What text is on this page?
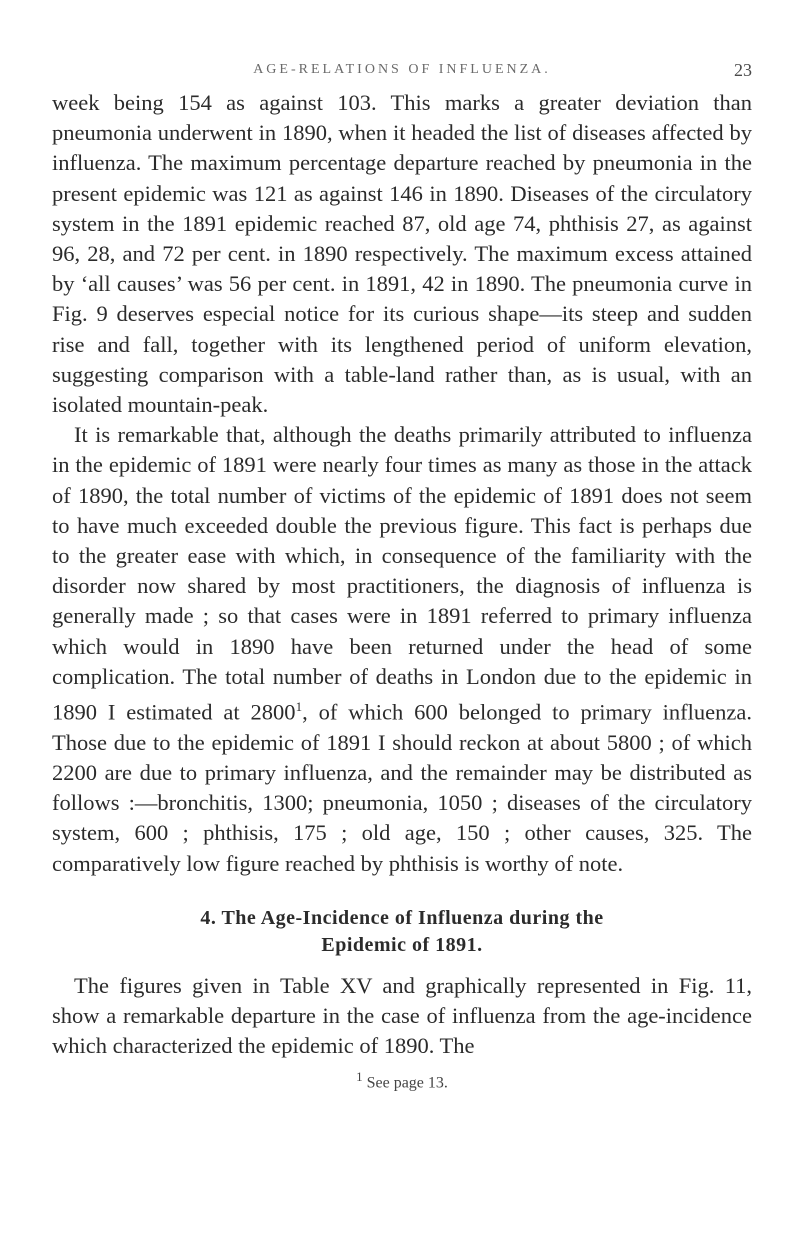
AGE-RELATIONS OF INFLUENZA.	23

week being 154 as against 103. This marks a greater deviation than pneumonia underwent in 1890, when it headed the list of diseases affected by influenza. The maximum percentage departure reached by pneumonia in the present epidemic was 121 as against 146 in 1890. Diseases of the circulatory system in the 1891 epidemic reached 87, old age 74, phthisis 27, as against 96, 28, and 72 per cent. in 1890 respectively. The maximum excess attained by ‘all causes’ was 56 per cent. in 1891, 42 in 1890. The pneumonia curve in Fig. 9 deserves especial notice for its curious shape—its steep and sudden rise and fall, together with its lengthened period of uniform elevation, suggesting comparison with a table-land rather than, as is usual, with an isolated mountain-peak.

It is remarkable that, although the deaths primarily attributed to influenza in the epidemic of 1891 were nearly four times as many as those in the attack of 1890, the total number of victims of the epidemic of 1891 does not seem to have much exceeded double the previous figure. This fact is perhaps due to the greater ease with which, in consequence of the familiarity with the disorder now shared by most practitioners, the diagnosis of influenza is generally made ; so that cases were in 1891 referred to primary influenza which would in 1890 have been returned under the head of some complication. The total number of deaths in London due to the epidemic in 1890 I estimated at 2800$^1$, of which 600 belonged to primary influenza. Those due to the epidemic of 1891 I should reckon at about 5800 ; of which 2200 are due to primary influenza, and the remainder may be distributed as follows :—bronchitis, 1300; pneumonia, 1050 ; diseases of the circulatory system, 600 ; phthisis, 175 ; old age, 150 ; other causes, 325. The comparatively low figure reached by phthisis is worthy of note.

4. The Age-Incidence of Influenza during the
Epidemic of 1891.

The figures given in Table XV and graphically represented in Fig. 11, show a remarkable departure in the case of influenza from the age-incidence which characterized the epidemic of 1890. The

$^1$ See page 13.
